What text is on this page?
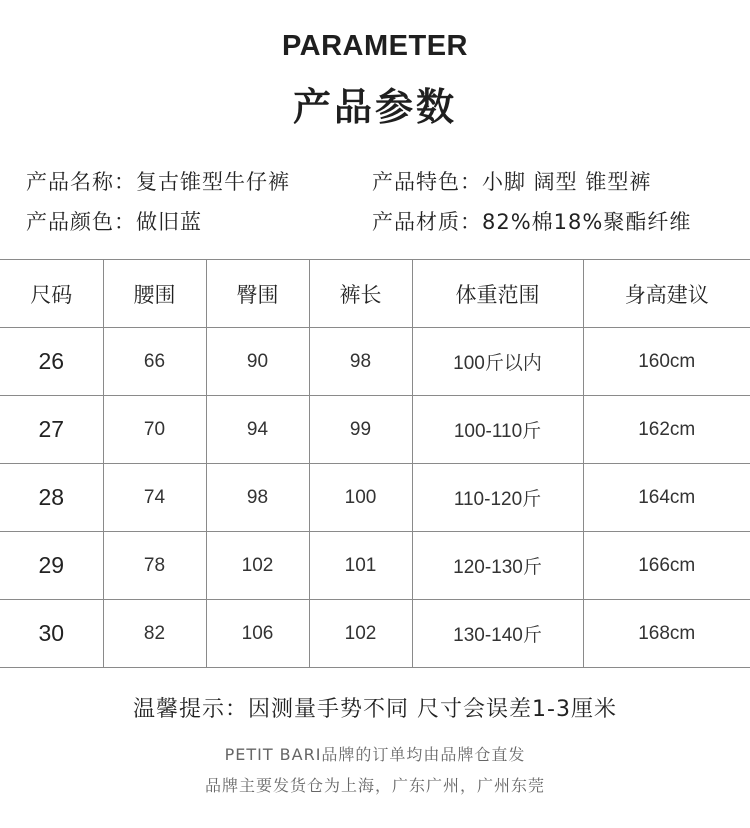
PARAMETER
产品参数
产品名称：复古锥型牛仔裤	产品特色：小脚 阔型 锥型裤
产品颜色：做旧蓝	产品材质：82%棉18%聚酯纤维
尺码	腰围	臀围	裤长	体重范围	身高建议
26	66	90	98	100斤以内	160cm
27	70	94	99	100-110斤	162cm
28	74	98	100	110-120斤	164cm
29	78	102	101	120-130斤	166cm
30	82	106	102	130-140斤	168cm
温馨提示：因测量手势不同 尺寸会误差1-3厘米
PETIT BARI品牌的订单均由品牌仓直发
品牌主要发货仓为上海，广东广州，广州东莞
